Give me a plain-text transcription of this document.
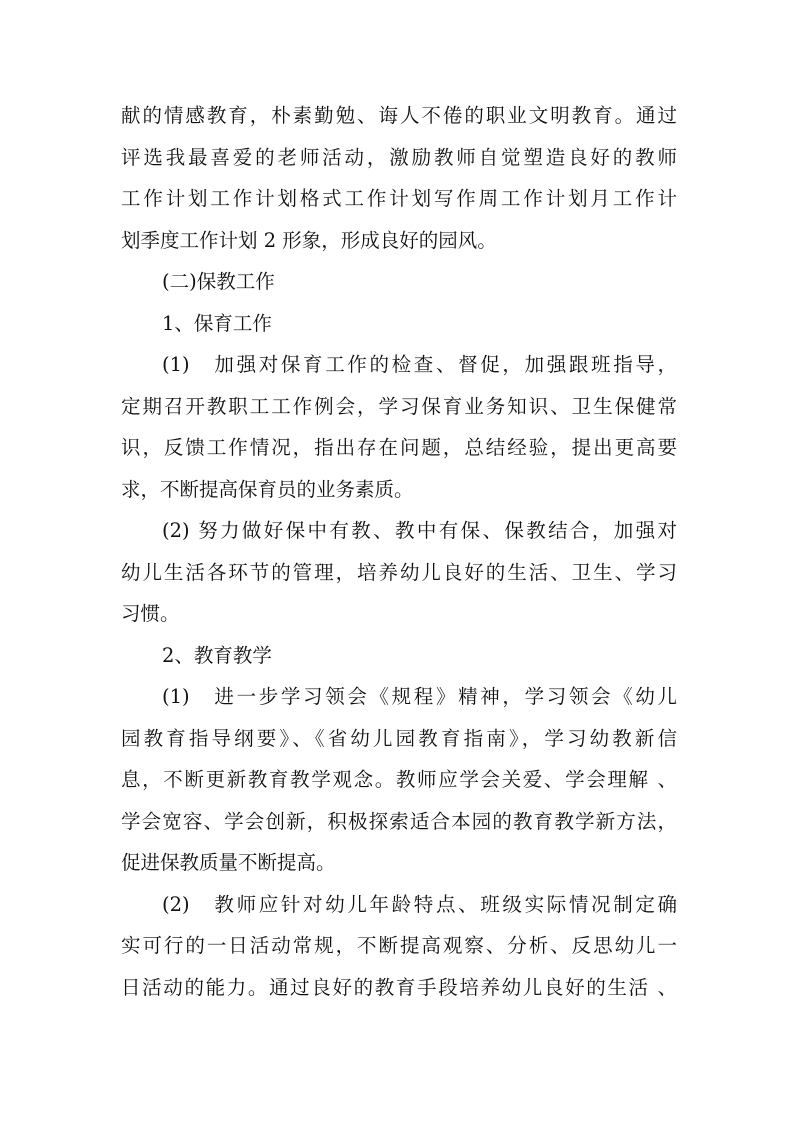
献的情感教育，朴素勤勉、诲人不倦的职业文明教育。通过
评选我最喜爱的老师活动，激励教师自觉塑造良好的教师
工作计划工作计划格式工作计划写作周工作计划月工作计
划季度工作计划 2 形象，形成良好的园风。
(二)保教工作
1、保育工作
(1)　加强对保育工作的检查、督促，加强跟班指导，
定期召开教职工工作例会，学习保育业务知识、卫生保健常
识，反馈工作情况，指出存在问题，总结经验，提出更高要
求，不断提高保育员的业务素质。
(2) 努力做好保中有教、教中有保、保教结合，加强对
幼儿生活各环节的管理，培养幼儿良好的生活、卫生、学习
习惯。
2、教育教学
(1)　进一步学习领会《规程》精神，学习领会《幼儿
园教育指导纲要》、《省幼儿园教育指南》，学习幼教新信
息，不断更新教育教学观念。教师应学会关爱、学会理解 、
学会宽容、学会创新，积极探索适合本园的教育教学新方法，
促进保教质量不断提高。
(2)　教师应针对幼儿年龄特点、班级实际情况制定确
实可行的一日活动常规，不断提高观察、分析、反思幼儿一
日活动的能力。通过良好的教育手段培养幼儿良好的生活 、
